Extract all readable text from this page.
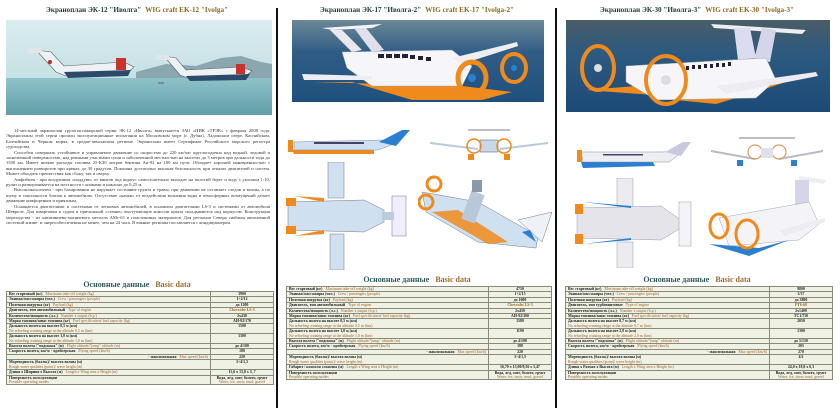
Экраноплан ЭК-12 "Иволга" WIG craft EK-12 "Ivolga"

14-местный экраноплан грузопассажирской серии ЭК-12 «Иволга» выпускается ЗАО «НИК «ТРЭК» с февраля 2008 года. Экранопланы этой серии прошли эксплуатационные испытания на Московском море (г. Дубна), Ладожском озере, Каспийском, Балтийском и Черном морях, в средне-заволжском регионе. Экраноплан имеет Сертификат Российского морского регистра судоходства.

Способен совершать устойчивое и управляемое движение со скоростью до 220 км/час круглогодично над водной, ледовой и заснеженной поверхностью, над ровными участками суши и заболоченной местностью на высотах до 3 метров при дальности хода до 1500 км. Имеет низкие расходы топлива 25-КЗ0 литров бензина Аи-92 на 100 км пути. Обладает хорошей маневренностью с выполнением разворотов при кренах до 30 градусов. Показана достаточно высокая безопасность при отказах двигателей и систем. Может обходить препятствия как сбоку, так и сверху.

Амфибиен - при воздушном «поддуве» от винтов под корпус самостоятельно выходит на пологий берег и воду с уклоном 1:10, рулит и разворачивается на местности с кочками и наклоно до 0,25 м.

Высокоэкологичен - при базировании не нарушает состояние грунта и травы, при движении не оставляет следов и волны, а по шуму и токсичности близок к автомобилю. Отсутствие «качки» от воздействия волнения воды и атмосферных возмущений делает движение комфортным и приятным.

Оснащается двигателями и системами от легковых автомобилей, в основном двигателями LS-3 и системами от автомобиля Шевроле. Для швартовки к судам и причальной «стенке» выступающие консоли крыла складываются над корпусом. Конструкция мореходства - из алюминиево-магниевого металла АМг-61 и пластиковых материалов. Для регионов Севера снабжен автономной системой жизне- и энергообеспечения не менее, чем на 24 часа. В южные регионы поставляется с кондиционером.

Основные данные Basic data
Вес стартовый (кг) Maximum take-off weight (kg)	3900
Экипаж/пассажиры (чел.) Crew / passengers (people)	1+2/12
Полезная нагрузка (кг) Payload (kg)	до 1200
Двигатель, тип автомобильный Type of engine	Chevrolet LS-3
Количество/мощность (л.с.) Number x output (h.p.)	2x430
Марка топлива/запас топлива (кг) Fuel specification/ fuel capacity (kg)	АИ-92/170
Дальность полета на высоте 0,5 м (км)
No refueling cruising range at the altitude 0,5 m (km)	1500
Дальность полета на высоте 1,0 м (км)
No refueling cruising range at the altitude 1,0 m (km)	1300
Высота полета /"подскока" (м) Flight altitude/"jump" altitude (m)	до 4/100
Скорость полета, км/ч: - крейсерская Flying speed (km/h)	180
- максимальная Max speed (km/h)	220
Мореходность (баллы)/ высота волны (м)
Rough water qualities (point)/ wave height (m)	3÷4/1,3
Длина x Ширина x Высота (м) Length x Wing area x Height (m)	15,6 x 13,0 x 3, 7
Поверхность эксплуатации
Possible operating modes	Вода, лед, снег, болото, грунт
Water, ice, snow, mud, gravel
Экраноплан ЭК-17 "Иволга-2" WIG craft EK-17 "Ivolga-2"
Основные данные Basic data
Вес стартовый (кг) Maximum take-off weight (kg)	4750
Экипаж/пассажиры (чел.) Crew / passengers (people)	1+2/15
Полезная нагрузка (кг) Payload (kg)	до 1600
Двигатель, тип автомобильный Type of engine	Chevrolet LS-3
Количество/мощность (л.с.) Number x output (h.p.)	2x450
Марка топлива/запас топлива (кг) Fuel specification/ fuel capacity (kg)	АИ-92/300
Дальность полета на высоте 0,5 м (км)
No refueling cruising range at the altitude 0,5 m (km)	1580
Дальность полета на высоте 1,0 м (км)
No refueling cruising range at the altitude 1,0 m (km)	1190
Высота полета /"подскока" (м) Flight altitude/"jump" altitude (m)	до 4/100
Скорость полета, км/ч: - крейсерская Flying speed (km/h)	180
- максимальная Max speed (km/h)	220
Мореходность (баллы)/ высота волны (м)
Rough water qualities (point)/ wave height (m)	3÷4/1,5
Габарит / консоли сложены (м) Length x Wing area x Height (m)	16,70 x 15,00/9,56 x 3,47
Поверхность эксплуатации
Possible operating modes	Вода, лед, снег, болото, грунт
Water, ice, snow, mud, gravel
Экраноплан ЭК-30 "Иволга-3" WIG craft EK-30 "Ivolga-3"
Основные данные Basic data
Вес стартовый (кг) Maximum take-off weight (kg)	9800
Экипаж/пассажиры (чел.) Crew / passengers (people)	3/37
Полезная нагрузка (кг) Payload (kg)	до 3800
Двигатель, тип турбовинтовые Type of engine	PT6-60
Количество/мощность (л.с.) Number x output (h.p.)	2x1400
Марка топлива/запас топлива (кг) Fuel specification/ fuel capacity (kg)	TC1/750
Дальность полета на высоте 0,7 м (км)
No refueling cruising range at the altitude 0,7 m (km)	2050
Дальность полета на высоте 2,0 м (км)
No refueling cruising range at the altitude 2,0 m (km)	1300
Высота полета /"подскока" (м) Flight altitude/"jump" altitude (m)	до 5/150
Скорость полета, км/ч: - крейсерская Flying speed (km/h)	205
- максимальная Max speed (km/h)	270
Мореходность (баллы)/ высота волны (м)
Rough-water qualities (point)/ wave height (m)	4/2
Длина x Размах x Высота (м) Length x Wing area x Height (m)	24,0 x 18,0 x 6,3
Поверхность эксплуатации
Possible operating modes	Вода, лед, снег, болото, грунт
Water, ice, snow, mud, gravel
